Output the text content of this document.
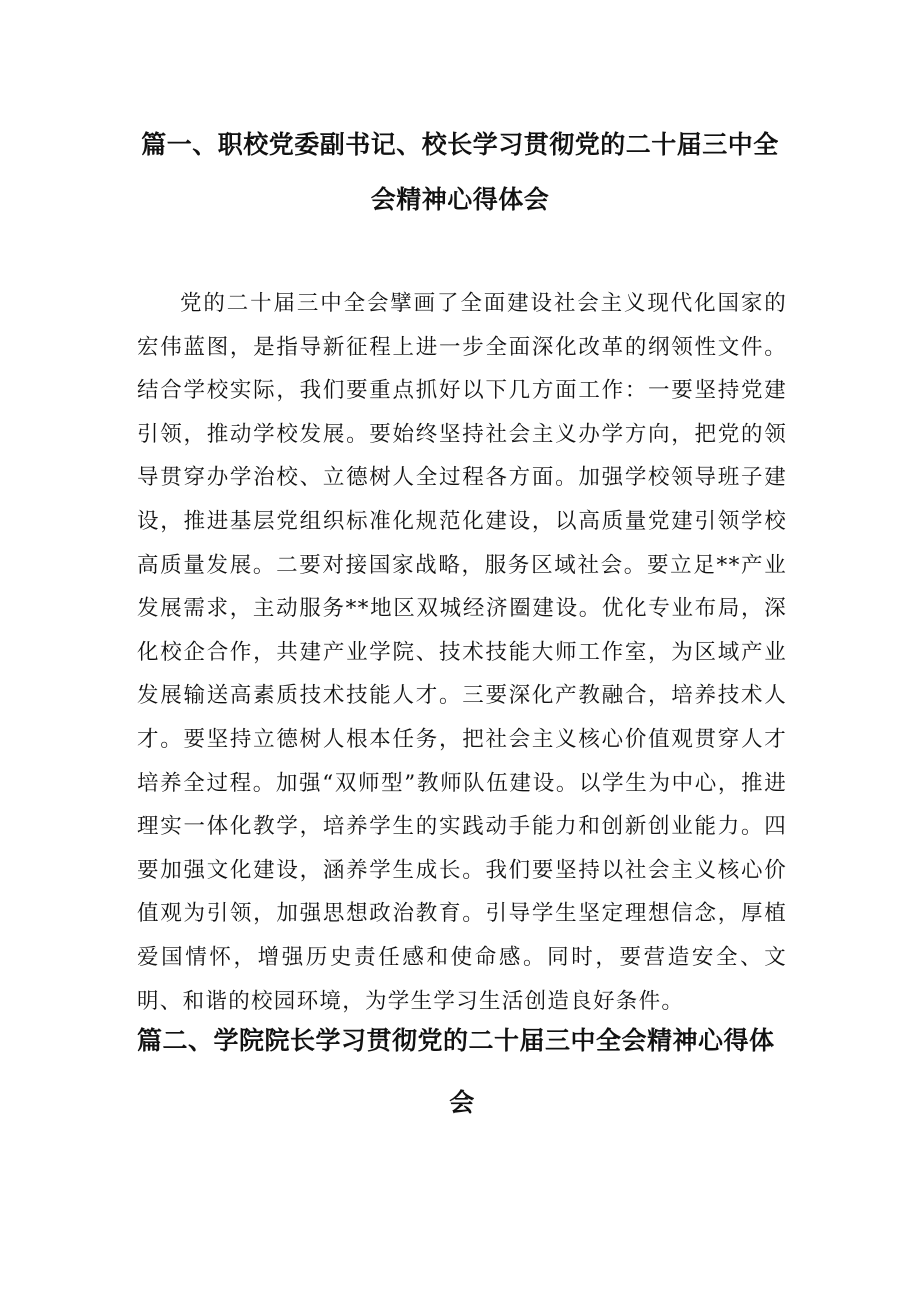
篇一、职校党委副书记、校长学习贯彻党的二十届三中全
会精神心得体会

党的二十届三中全会擘画了全面建设社会主义现代化国家的宏伟蓝图，是指导新征程上进一步全面深化改革的纲领性文件。结合学校实际，我们要重点抓好以下几方面工作：一要坚持党建引领，推动学校发展。要始终坚持社会主义办学方向，把党的领导贯穿办学治校、立德树人全过程各方面。加强学校领导班子建设，推进基层党组织标准化规范化建设，以高质量党建引领学校高质量发展。二要对接国家战略，服务区域社会。要立足**产业发展需求，主动服务**地区双城经济圈建设。优化专业布局，深化校企合作，共建产业学院、技术技能大师工作室，为区域产业发展输送高素质技术技能人才。三要深化产教融合，培养技术人才。要坚持立德树人根本任务，把社会主义核心价值观贯穿人才培养全过程。加强“双师型”教师队伍建设。以学生为中心，推进理实一体化教学，培养学生的实践动手能力和创新创业能力。四要加强文化建设，涵养学生成长。我们要坚持以社会主义核心价值观为引领，加强思想政治教育。引导学生坚定理想信念，厚植爱国情怀，增强历史责任感和使命感。同时，要营造安全、文明、和谐的校园环境，为学生学习生活创造良好条件。

篇二、学院院长学习贯彻党的二十届三中全会精神心得体
会
